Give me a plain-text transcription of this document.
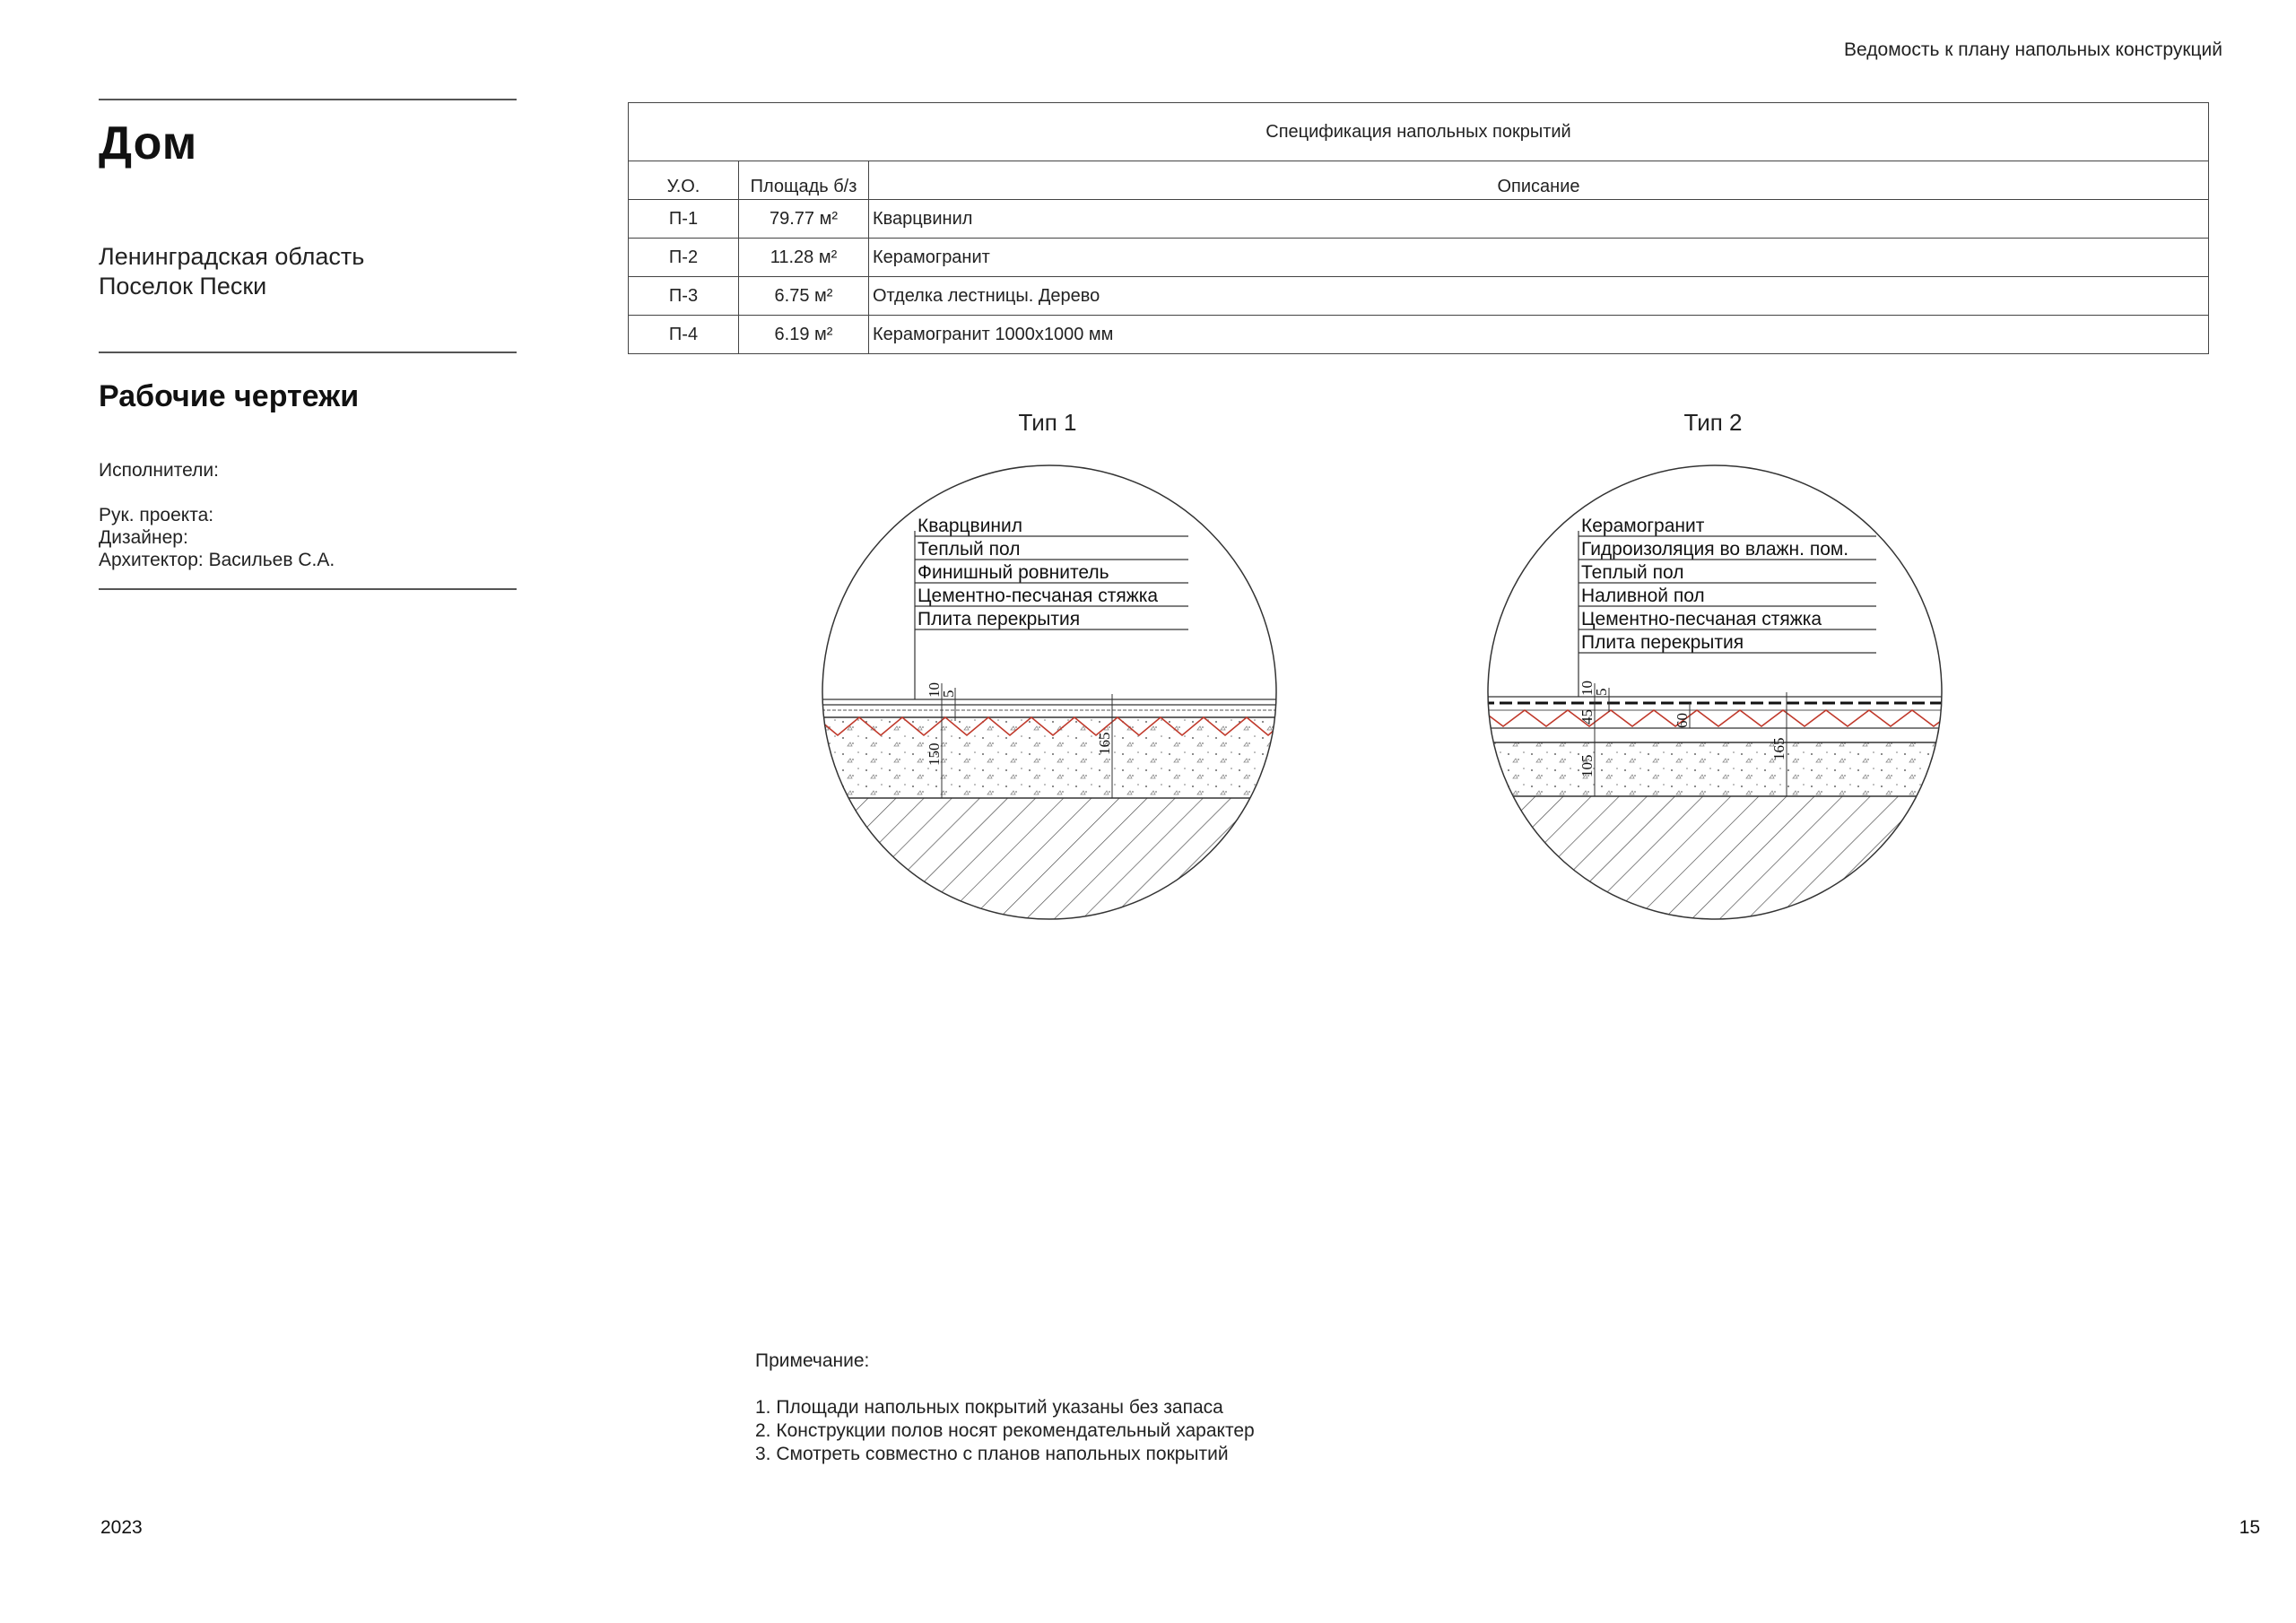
Ведомость к плану напольных конструкций
Дом
Ленинградская область
Поселок Пески
Рабочие чертежи
Исполнители:
Рук. проекта:
Дизайнер:
Архитектор: Васильев С.А.
Спецификация напольных покрытий		
У.О.	Площадь б/з	Описание
П-1	79.77 м²	Кварцвинил
П-2	11.28 м²	Керамогранит
П-3	6.75 м²	Отделка лестницы. Дерево
П-4	6.19 м²	Керамогранит 1000х1000 мм
Тип 1	Тип 2
Кварцвинил
Теплый пол
Финишный ровнитель
Цементно-песчаная стяжка
Плита перекрытия
10
5
150	165
Керамогранит
Гидроизоляция во влажн. пом.
Теплый пол
Наливной пол
Цементно-песчаная стяжка
Плита перекрытия
10
5
45	60
105
165
Примечание:
1. Площади напольных покрытий указаны без запаса
2. Конструкции полов носят рекомендательный характер
3. Смотреть совместно с планов напольных покрытий
2023	15
